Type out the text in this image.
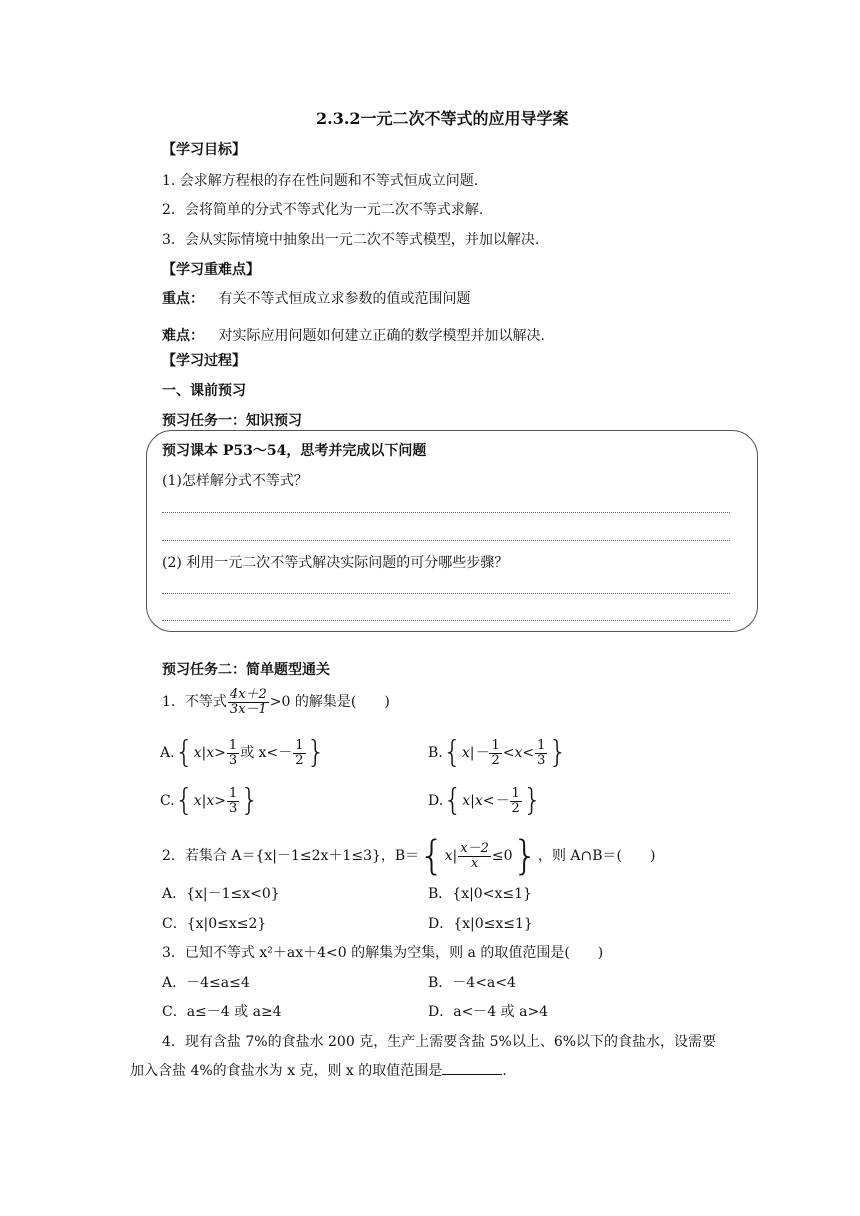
2.3.2一元二次不等式的应用导学案
【学习目标】
1. 会求解方程根的存在性问题和不等式恒成立问题.
2．会将简单的分式不等式化为一元二次不等式求解.
3．会从实际情境中抽象出一元二次不等式模型，并加以解决.
【学习重难点】
重点： 有关不等式恒成立求参数的值或范围问题
难点： 对实际应用问题如何建立正确的数学模型并加以解决.
【学习过程】
一、课前预习
预习任务一：知识预习
预习课本 P53～54，思考并完成以下问题
(1)怎样解分式不等式？
(2) 利用一元二次不等式解决实际问题的可分哪些步骤？
预习任务二：简单题型通关
1．不等式 $\frac{4x+2}{3x-1} >0$ 的解集是(　　)
$A.\{x|x> \frac{1}{3}$ 或 $x<- \frac{1}{2}$ }	$B.\{x|- \frac{1}{2} <x< \frac{1}{3}$ }
$C.\{x|x> \frac{1}{3}$ }	$D.\{x|x<- \frac{1}{2}$ }
2．若集合 A＝{x|－1≤2x＋1≤3}，$B=\{x| \frac{x-2}{x} \le 0\}$，则 A∩B＝(　　)
A．{x|－1≤x<0}	B．{x|0<x≤1}
C．{x|0≤x≤2}	D．{x|0≤x≤1}
3．已知不等式 x²＋ax＋4<0 的解集为空集，则 a 的取值范围是(　　)
A．－4≤a≤4	B．－4<a<4
C．a≤－4 或 a≥4	D．a<－4 或 a>4
4．现有含盐 7%的食盐水 200 克，生产上需要含盐 5%以上、6%以下的食盐水，设需要
加入含盐 4%的食盐水为 x 克，则 x 的取值范围是	.
